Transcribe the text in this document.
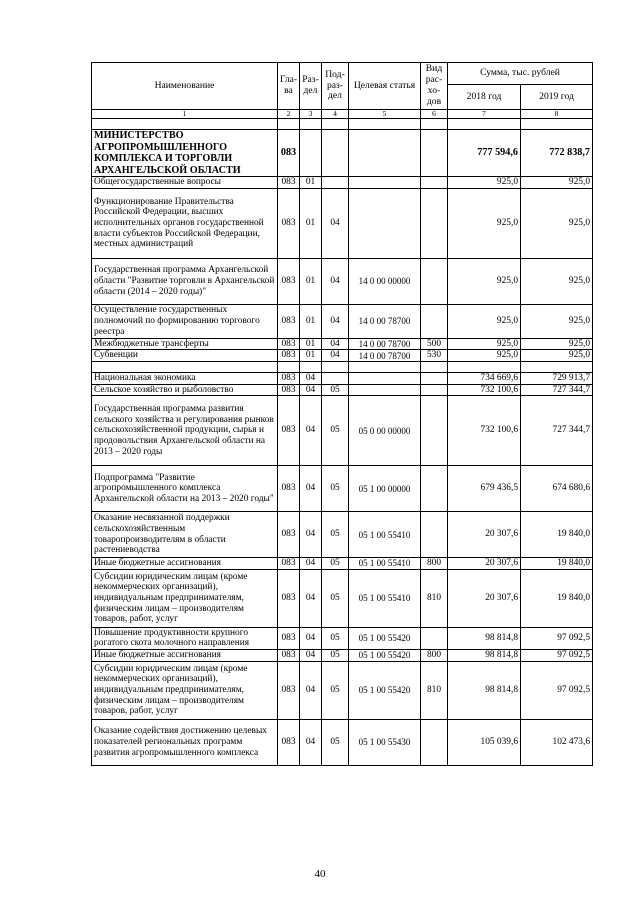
Наименование	Гла-ва	Раз-дел	Под-раз-дел	Целевая статья	Вид рас-хо-дов	Сумма, тыс. рублей	
						2018 год	2019 год
1	2	3	4	5	6	7	8

МИНИСТЕРСТВО АГРОПРОМЫШЛЕННОГО КОМПЛЕКСА И ТОРГОВЛИ АРХАНГЕЛЬСКОЙ ОБЛАСТИ	083					777 594,6	772 838,7
Общегосударственные вопросы	083	01				925,0	925,0
Функционирование Правительства Российской Федерации, высших исполнительных органов государственной власти субъектов Российской Федерации, местных администраций	083	01	04			925,0	925,0
Государственная программа Архангельской области "Развитие торговли в Архангельской области (2014 – 2020 годы)"	083	01	04	14 0 00 00000		925,0	925,0
Осуществление государственных полномочий по формированию торгового реестра	083	01	04	14 0 00 78700		925,0	925,0
Межбюджетные трансферты	083	01	04	14 0 00 78700	500	925,0	925,0
Субвенции	083	01	04	14 0 00 78700	530	925,0	925,0

Национальная экономика	083	04				734 669,6	729 913,7
Сельское хозяйство и рыболовство	083	04	05			732 100,6	727 344,7
Государственная программа развития сельского хозяйства и регулирования рынков сельскохозяйственной продукции, сырья и продовольствия Архангельской области на 2013 – 2020 годы	083	04	05	05 0 00 00000		732 100,6	727 344,7
Подпрограмма "Развитие агропромышленного комплекса Архангельской области на 2013 – 2020 годы"	083	04	05	05 1 00 00000		679 436,5	674 680,6
Оказание несвязанной поддержки сельскохозяйственным товаропроизводителям в области растениеводства	083	04	05	05 1 00 55410		20 307,6	19 840,0
Иные бюджетные ассигнования	083	04	05	05 1 00 55410	800	20 307,6	19 840,0
Субсидии юридическим лицам (кроме некоммерческих организаций), индивидуальным предпринимателям, физическим лицам – производителям товаров, работ, услуг	083	04	05	05 1 00 55410	810	20 307,6	19 840,0
Повышение продуктивности крупного рогатого скота молочного направления	083	04	05	05 1 00 55420		98 814,8	97 092,5
Иные бюджетные ассигнования	083	04	05	05 1 00 55420	800	98 814,8	97 092,5
Субсидии юридическим лицам (кроме некоммерческих организаций), индивидуальным предпринимателям, физическим лицам – производителям товаров, работ, услуг	083	04	05	05 1 00 55420	810	98 814,8	97 092,5
Оказание содействия достижению целевых показателей региональных программ развития агропромышленного комплекса	083	04	05	05 1 00 55430		105 039,6	102 473,6
40
